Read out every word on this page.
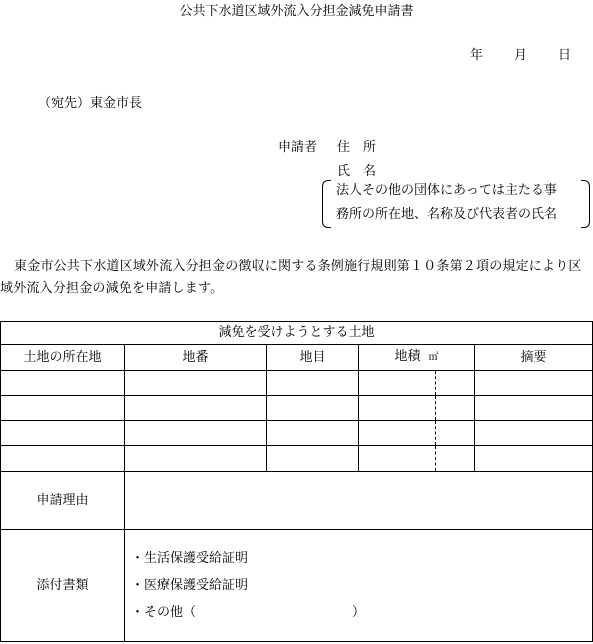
公共下水道区域外流入分担金減免申請書
年 月 日
（宛先）東金市長
申請者 住　所
氏　名
法人その他の団体にあっては主たる事
務所の所在地、名称及び代表者の氏名
東金市公共下水道区域外流入分担金の徴収に関する条例施行規則第１０条第２項の規定により区域外流入分担金の減免を申請します。
減免を受けようとする土地				
土地の所在地	地番	地目	地積 ㎡	摘要

申請理由				
添付書類	・生活保護受給証明
・医療保護受給証明
・その他（　　　　　　　　　　　　）			
